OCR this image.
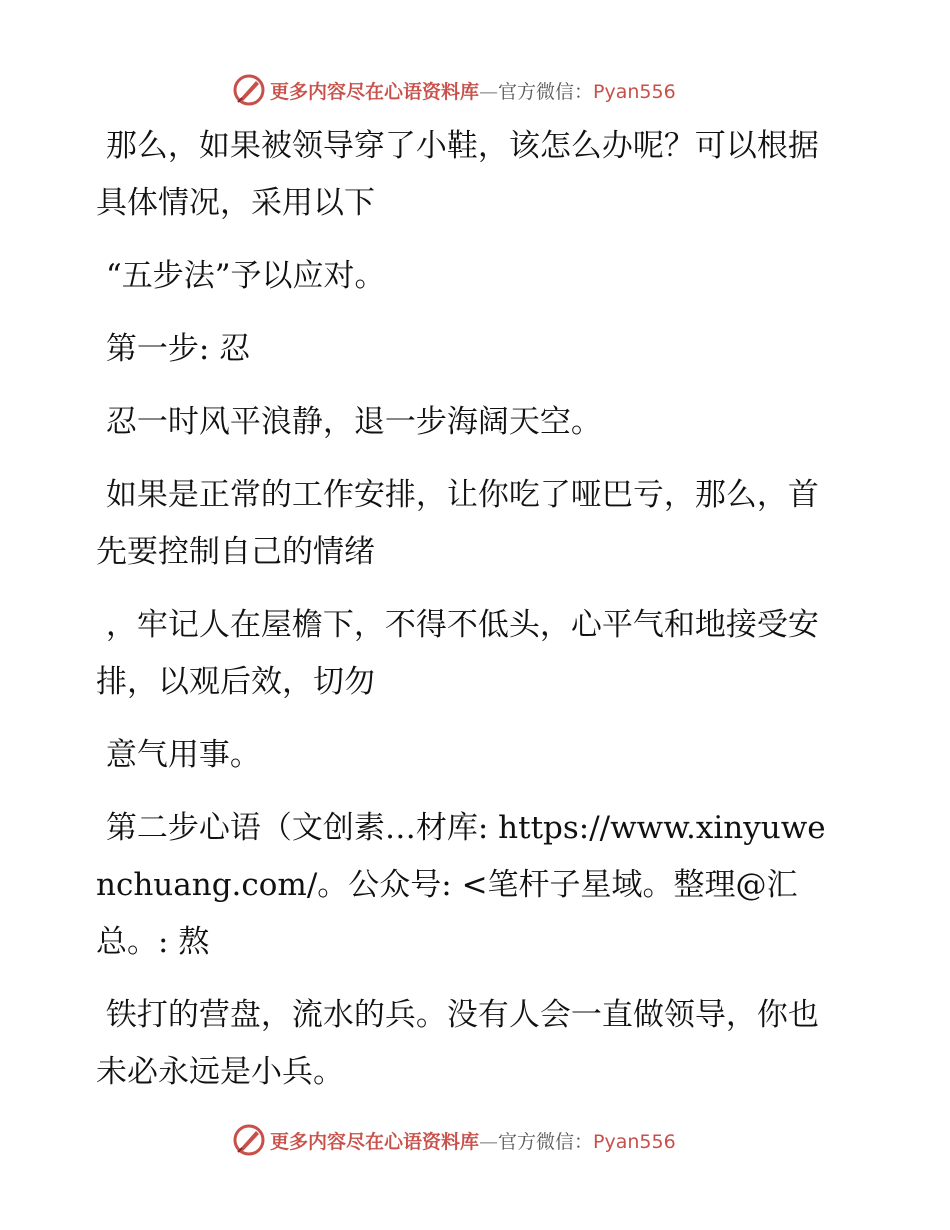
更多内容尽在心语资料库—官方微信：Pyan556

那么，如果被领导穿了小鞋，该怎么办呢？可以根据具体情况，采用以下

“五步法”予以应对。

第一步: 忍

忍一时风平浪静，退一步海阔天空。

如果是正常的工作安排，让你吃了哑巴亏，那么，首先要控制自己的情绪

，牢记人在屋檐下，不得不低头，心平气和地接受安排，以观后效，切勿

意气用事。

第二步心语（文创素…材库: https://www.xinyuwenchuang.com/。公众号: <笔杆子星域。整理@汇总。: 熬

铁打的营盘，流水的兵。没有人会一直做领导，你也未必永远是小兵。

更多内容尽在心语资料库—官方微信：Pyan556
